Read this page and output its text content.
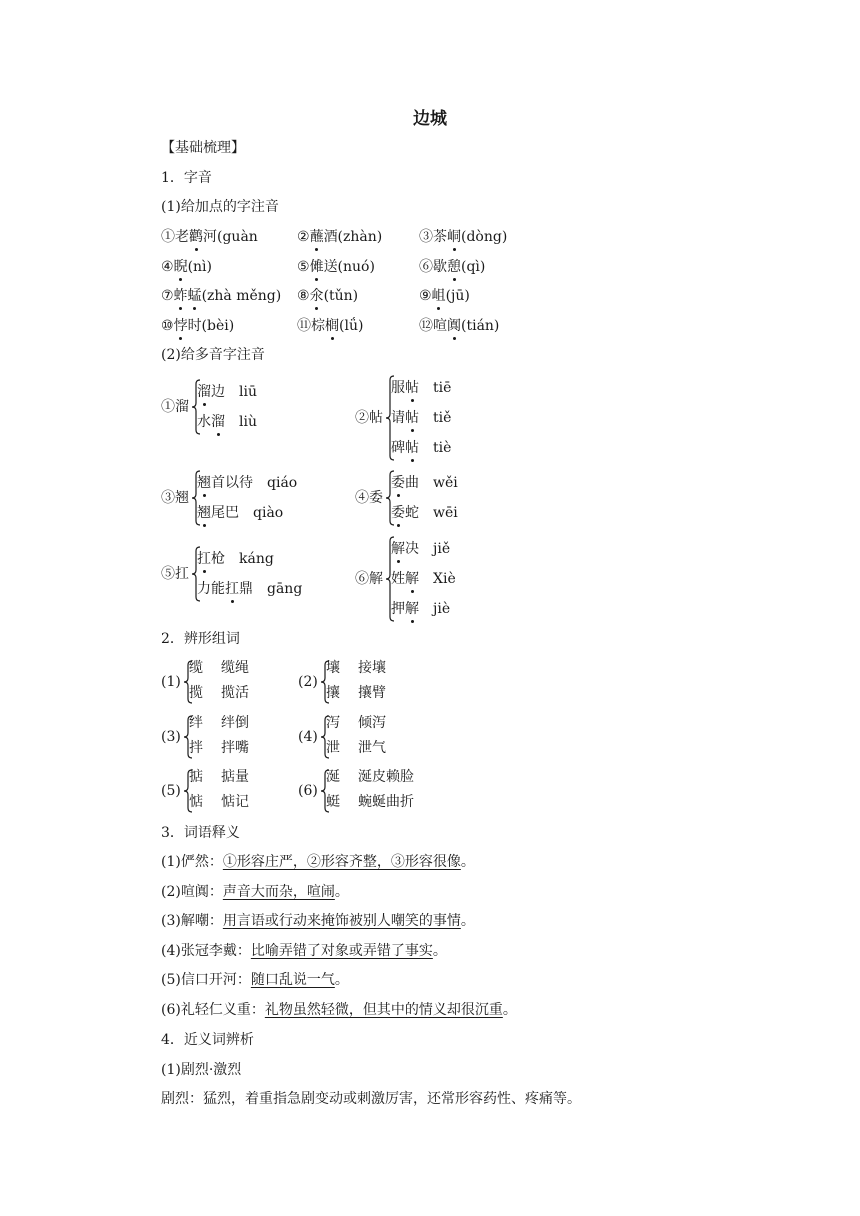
边城
【基础梳理】
1．字音
(1)给加点的字注音
①老鹳河(guàn	②蘸酒(zhàn)	③茶峒(dòng)
④睨(nì)	⑤傩送(nuó)	⑥歇憩(qì)
⑦蚱蜢(zhà měng) ⑧氽(tǔn)	⑨岨(jū)
⑩悖时(bèi)	⑪棕榈(lǘ)	⑫喧阗(tián)
(2)给多音字注音
①溜
溜边 liū
水溜 liù	②帖
服帖 tiē
请帖 tiě
碑帖 tiè
③翘
翘首以待 qiáo
翘尾巴 qiào
④委
委曲 wěi
委蛇 wēi
⑤扛
扛枪 káng
力能扛鼎 gāng
⑥解
解决 jiě
姓解 Xiè
押解 jiè
2．辨形组词
(1)
缆 缆绳
揽 揽活
(2)
壤 接壤
攘 攘臂
(3)
绊 绊倒
拌 拌嘴
(4)
泻 倾泻
泄 泄气
(5)
掂 掂量
惦 惦记
(6)
涎 涎皮赖脸
蜓 蜿蜒曲折
3．词语释义
(1)俨然：①形容庄严，②形容齐整，③形容很像。
(2)喧阗：声音大而杂，喧闹。
(3)解嘲：用言语或行动来掩饰被别人嘲笑的事情。
(4)张冠李戴：比喻弄错了对象或弄错了事实。
(5)信口开河：随口乱说一气。
(6)礼轻仁义重：礼物虽然轻微，但其中的情义却很沉重。
4．近义词辨析
(1)剧烈·激烈
剧烈：猛烈，着重指急剧变动或刺激厉害，还常形容药性、疼痛等。
